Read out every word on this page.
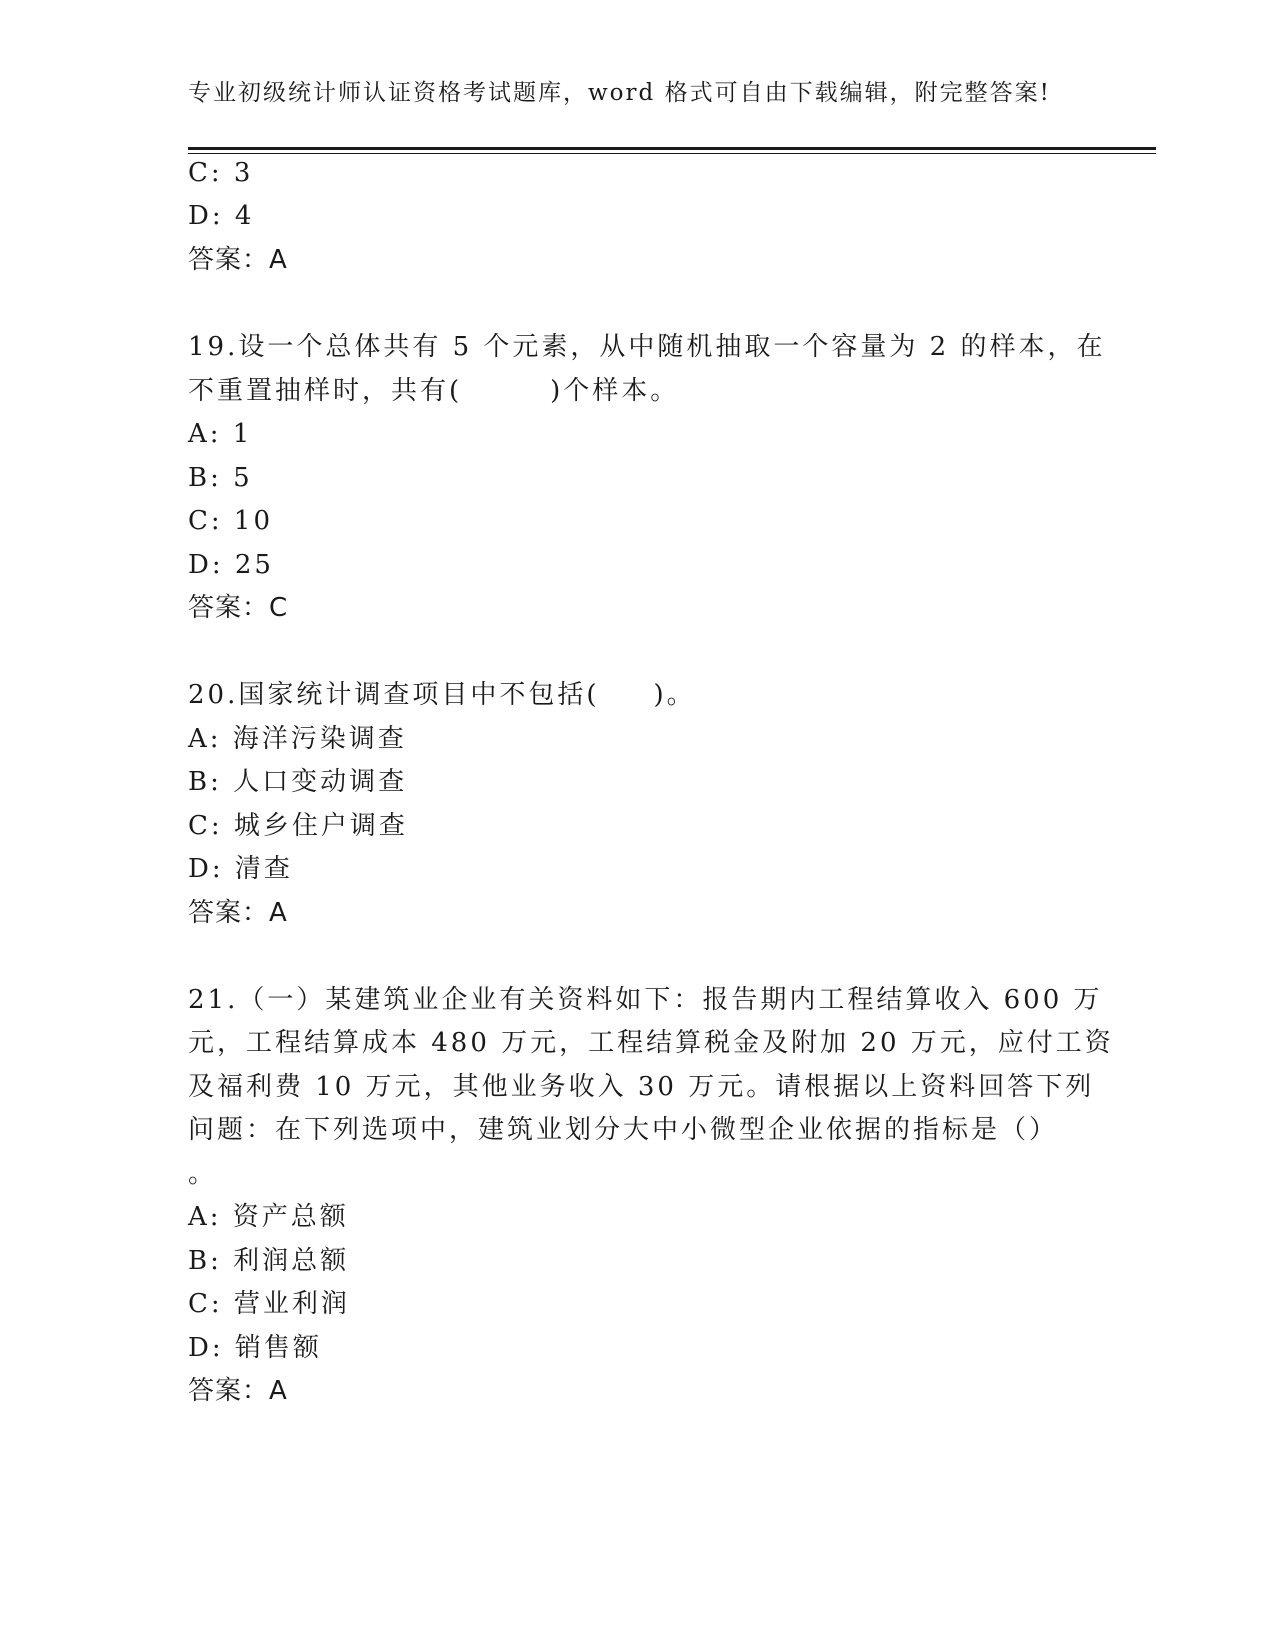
专业初级统计师认证资格考试题库，word 格式可自由下载编辑，附完整答案!
C: 3
D: 4
答案：A
19.设一个总体共有 5 个元素，从中随机抽取一个容量为 2 的样本，在
不重置抽样时，共有(	)个样本。
A: 1
B: 5
C: 10
D: 25
答案：C
20.国家统计调查项目中不包括( )。
A: 海洋污染调查
B: 人口变动调查
C: 城乡住户调查
D: 清查
答案：A
21.（一）某建筑业企业有关资料如下：报告期内工程结算收入 600 万
元，工程结算成本 480 万元，工程结算税金及附加 20 万元，应付工资
及福利费 10 万元，其他业务收入 30 万元。请根据以上资料回答下列
问题：在下列选项中，建筑业划分大中小微型企业依据的指标是（）
。
A: 资产总额
B: 利润总额
C: 营业利润
D: 销售额
答案：A
